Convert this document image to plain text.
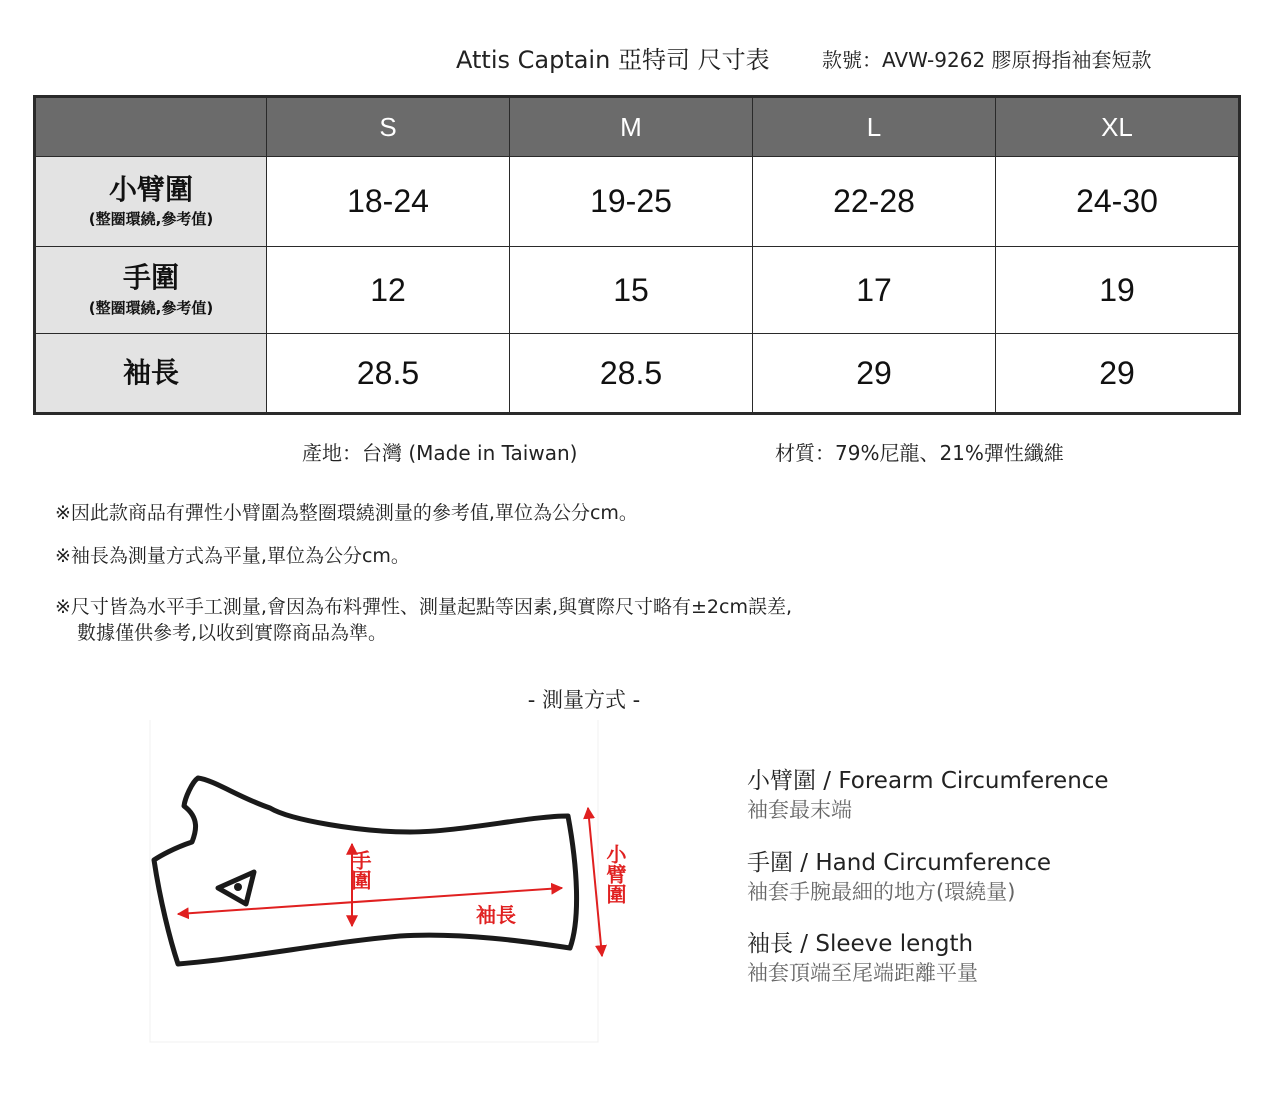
Attis Captain 亞特司 尺寸表	款號：AVW-9262 膠原拇指袖套短款
	S	M	L	XL

小臂圍
(整圈環繞,參考值)	18-24	19-25	22-28	24-30

手圍
(整圈環繞,參考值)	12	15	17	19

袖長	28.5	28.5	29	29
產地：台灣 (Made in Taiwan)	材質：79%尼龍、21%彈性纖維
※因此款商品有彈性小臂圍為整圈環繞測量的參考值,單位為公分cm。
※袖長為測量方式為平量,單位為公分cm。
※尺寸皆為水平手工測量,會因為布料彈性、測量起點等因素,與實際尺寸略有±2cm誤差,
數據僅供參考,以收到實際商品為準。
- 測量方式 -
手圍
袖長
小臂圍
小臂圍 / Forearm Circumference
袖套最末端
手圍 / Hand Circumference
袖套手腕最細的地方(環繞量)
袖長 / Sleeve length
袖套頂端至尾端距離平量
